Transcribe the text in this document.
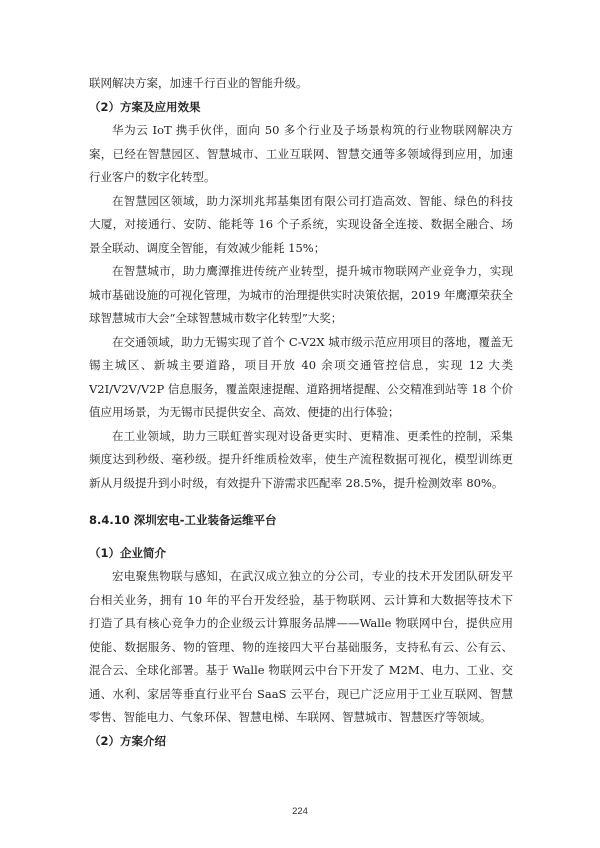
联网解决方案，加速千行百业的智能升级。

（2）方案及应用效果

华为云 IoT 携手伙伴，面向 50 多个行业及子场景构筑的行业物联网解决方案，已经在智慧园区、智慧城市、工业互联网、智慧交通等多领域得到应用，加速行业客户的数字化转型。

在智慧园区领域，助力深圳兆邦基集团有限公司打造高效、智能、绿色的科技大厦，对接通行、安防、能耗等 16 个子系统，实现设备全连接、数据全融合、场景全联动、调度全智能，有效减少能耗 15%；

在智慧城市，助力鹰潭推进传统产业转型，提升城市物联网产业竞争力，实现城市基础设施的可视化管理，为城市的治理提供实时决策依据，2019 年鹰潭荣获全球智慧城市大会“全球智慧城市数字化转型”大奖；

在交通领域，助力无锡实现了首个 C-V2X 城市级示范应用项目的落地，覆盖无锡主城区、新城主要道路，项目开放 40 余项交通管控信息，实现 12 大类 V2I/V2V/V2P 信息服务，覆盖限速提醒、道路拥堵提醒、公交精准到站等 18 个价值应用场景，为无锡市民提供安全、高效、便捷的出行体验；

在工业领域，助力三联虹普实现对设备更实时、更精准、更柔性的控制，采集频度达到秒级、毫秒级。提升纤维质检效率，使生产流程数据可视化，模型训练更新从月级提升到小时级，有效提升下游需求匹配率 28.5%，提升检测效率 80%。

8.4.10 深圳宏电-工业装备运维平台
（1）企业简介

宏电聚焦物联与感知，在武汉成立独立的分公司，专业的技术开发团队研发平台相关业务，拥有 10 年的平台开发经验，基于物联网、云计算和大数据等技术下打造了具有核心竞争力的企业级云计算服务品牌——Walle 物联网中台，提供应用使能、数据服务、物的管理、物的连接四大平台基础服务，支持私有云、公有云、混合云、全球化部署。基于 Walle 物联网云中台下开发了 M2M、电力、工业、交通、水利、家居等垂直行业平台 SaaS 云平台，现已广泛应用于工业互联网、智慧零售、智能电力、气象环保、智慧电梯、车联网、智慧城市、智慧医疗等领域。

（2）方案介绍
224
